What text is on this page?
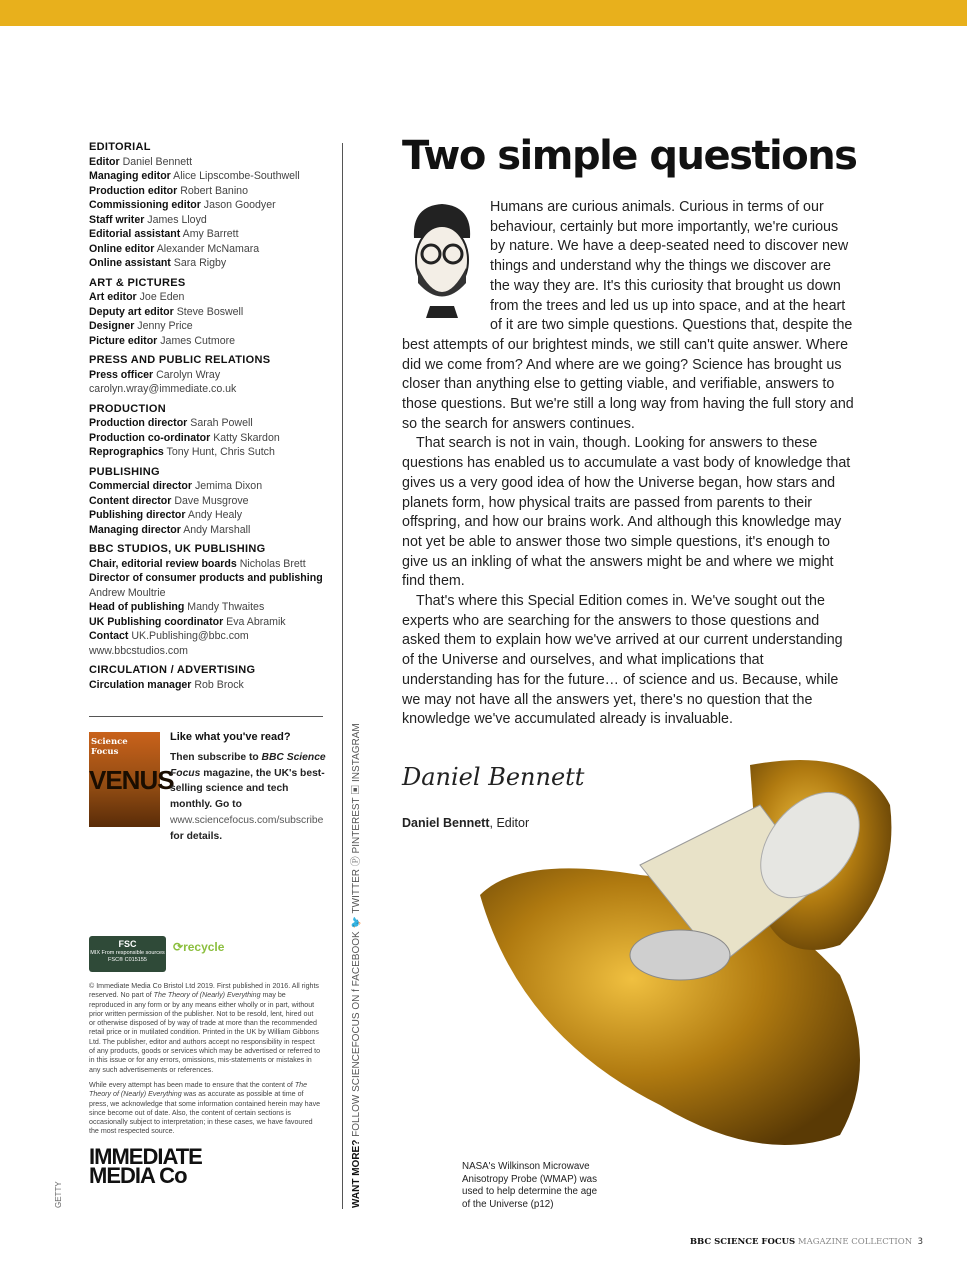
EDITORIAL
Editor Daniel Bennett
Managing editor Alice Lipscombe-Southwell
Production editor Robert Banino
Commissioning editor Jason Goodyer
Staff writer James Lloyd
Editorial assistant Amy Barrett
Online editor Alexander McNamara
Online assistant Sara Rigby
ART & PICTURES
Art editor Joe Eden
Deputy art editor Steve Boswell
Designer Jenny Price
Picture editor James Cutmore
PRESS AND PUBLIC RELATIONS
Press officer Carolyn Wray
carolyn.wray@immediate.co.uk
PRODUCTION
Production director Sarah Powell
Production co-ordinator Katty Skardon
Reprographics Tony Hunt, Chris Sutch
PUBLISHING
Commercial director Jemima Dixon
Content director Dave Musgrove
Publishing director Andy Healy
Managing director Andy Marshall
BBC STUDIOS, UK PUBLISHING
Chair, editorial review boards Nicholas Brett
Director of consumer products and publishing Andrew Moultrie
Head of publishing Mandy Thwaites
UK Publishing coordinator Eva Abramik
Contact UK.Publishing@bbc.com
www.bbcstudios.com
CIRCULATION / ADVERTISING
Circulation manager Rob Brock
Science Focus
VENUS
Like what you've read?
Then subscribe to BBC Science Focus magazine, the UK's best-selling science and tech monthly. Go to www.sciencefocus.com/subscribe for details.
FSC
MIX From responsible sources
FSC® C015155
⟳recycle

© Immediate Media Co Bristol Ltd 2019. First published in 2016. All rights reserved. No part of The Theory of (Nearly) Everything may be reproduced in any form or by any means either wholly or in part, without prior written permission of the publisher. Not to be resold, lent, hired out or otherwise disposed of by way of trade at more than the recommended retail price or in mutilated condition. Printed in the UK by William Gibbons Ltd. The publisher, editor and authors accept no responsibility in respect of any products, goods or services which may be advertised or referred to in this issue or for any errors, omissions, mis-statements or mistakes in any such advertisements or references.

While every attempt has been made to ensure that the content of The Theory of (Nearly) Everything was as accurate as possible at time of press, we acknowledge that some information contained herein may have since become out of date. Also, the content of certain sections is occasionally subject to interpretation; in these cases, we have favoured the most respected source.

IMMEDIATE MEDIA Co
GETTY	WANT MORE? FOLLOW SCIENCEFOCUS ON f FACEBOOK 🐦 TWITTER Ⓟ PINTEREST ▣ INSTAGRAM
Two simple questions

Humans are curious animals. Curious in terms of our behaviour, certainly but more importantly, we're curious by nature. We have a deep-seated need to discover new things and understand why the things we discover are the way they are. It's this curiosity that brought us down from the trees and led us up into space, and at the heart of it are two simple questions. Questions that, despite the best attempts of our brightest minds, we still can't quite answer. Where did we come from? And where are we going? Science has brought us closer than anything else to getting viable, and verifiable, answers to those questions. But we're still a long way from having the full story and so the search for answers continues.

That search is not in vain, though. Looking for answers to these questions has enabled us to accumulate a vast body of knowledge that gives us a very good idea of how the Universe began, how stars and planets form, how physical traits are passed from parents to their offspring, and how our brains work. And although this knowledge may not yet be able to answer those two simple questions, it's enough to give us an inkling of what the answers might be and where we might find them.

That's where this Special Edition comes in. We've sought out the experts who are searching for the answers to those questions and asked them to explain how we've arrived at our current understanding of the Universe and ourselves, and what implications that understanding has for the future… of science and us. Because, while we may not have all the answers yet, there's no question that the knowledge we've accumulated already is invaluable.

Daniel Bennett
Daniel Bennett, Editor
NASA's Wilkinson Microwave Anisotropy Probe (WMAP) was used to help determine the age of the Universe (p12)
BBC SCIENCE FOCUS MAGAZINE COLLECTION 3
